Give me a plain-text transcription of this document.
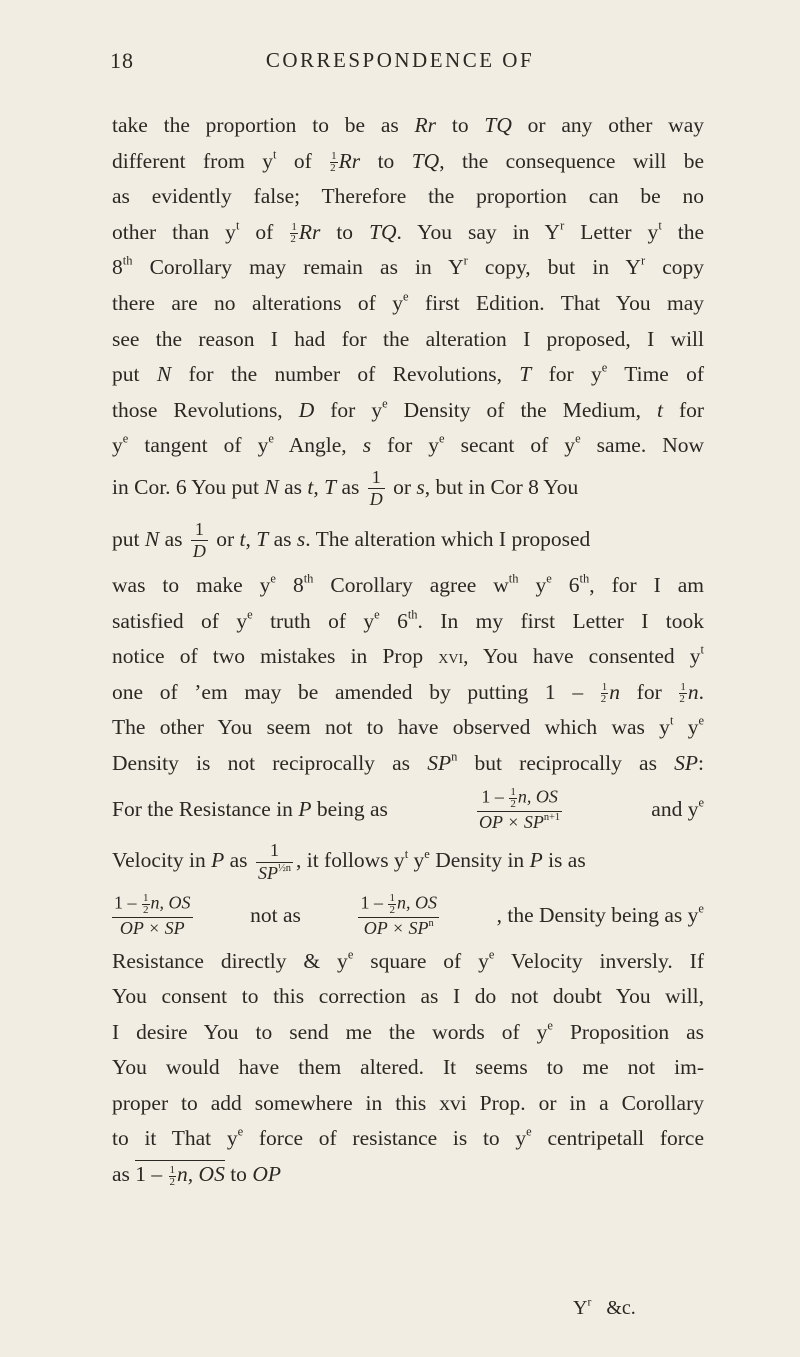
18	CORRESPONDENCE OF
take the proportion to be as Rr to TQ or any other way
different from $y^t$ of $\frac{1}{2}$ Rr to TQ, the consequence will be
as evidently false; Therefore the proportion can be no
other than $y^t$ of $\frac{1}{2}$ Rr to TQ. You say in $Y^r$ Letter $y^t$ the
8th Corollary may remain as in $Y^r$ copy, but in $Y^r$ copy
there are no alterations of $y^e$ first Edition. That You may
see the reason I had for the alteration I proposed, I will
put N for the number of Revolutions, T for $y^e$ Time of
those Revolutions, D for $y^e$ Density of the Medium, t for
$y^e$ tangent of $y^e$ Angle, s for $y^e$ secant of $y^e$ same. Now
in Cor. 6 You put N as t, T as $\frac{1}{D}$ or s, but in Cor 8 You
put N as $\frac{1}{D}$ or t, T as s. The alteration which I proposed
was to make $y^e$ 8th Corollary agree $w^{th}$ $y^e$ 6th, for I am
satisfied of $y^e$ truth of $y^e$ 6th. In my first Letter I took
notice of two mistakes in Prop xvi, You have consented $y^t$
one of ’em may be amended by putting $1 - \frac{1}{2}$ n for $\frac{1}{2} n$.
The other You seem not to have observed which was $y^t$ $y^e$
Density is not reciprocally as $SP^n$ but reciprocally as SP:
For the Resistance in P being as	$\frac{1 - \frac{1}{2} n, OS}{OP \times SP^{n+1}}$	and $y^e$
Velocity in P as $\frac{1}{SP^{\frac{1}{2}n}}$ , it follows $y^t$ $y^e$ Density in P is as
$\frac{1 - \frac{1}{2} n, OS}{OP \times SP}$	not as	$\frac{1 - \frac{1}{2} n, OS}{OP \times SP^n}$	, the Density being as $y^e$
Resistance directly & $y^e$ square of $y^e$ Velocity inversly. If
You consent to this correction as I do not doubt You will,
I desire You to send me the words of $y^e$ Proposition as
You would have them altered. It seems to me not im-
proper to add somewhere in this xvi Prop. or in a Corollary
to it That $y^e$ force of resistance is to $y^e$ centripetall force
as $1 - \frac{1}{2} n$, OS to OP
$Y^r$ &c.
